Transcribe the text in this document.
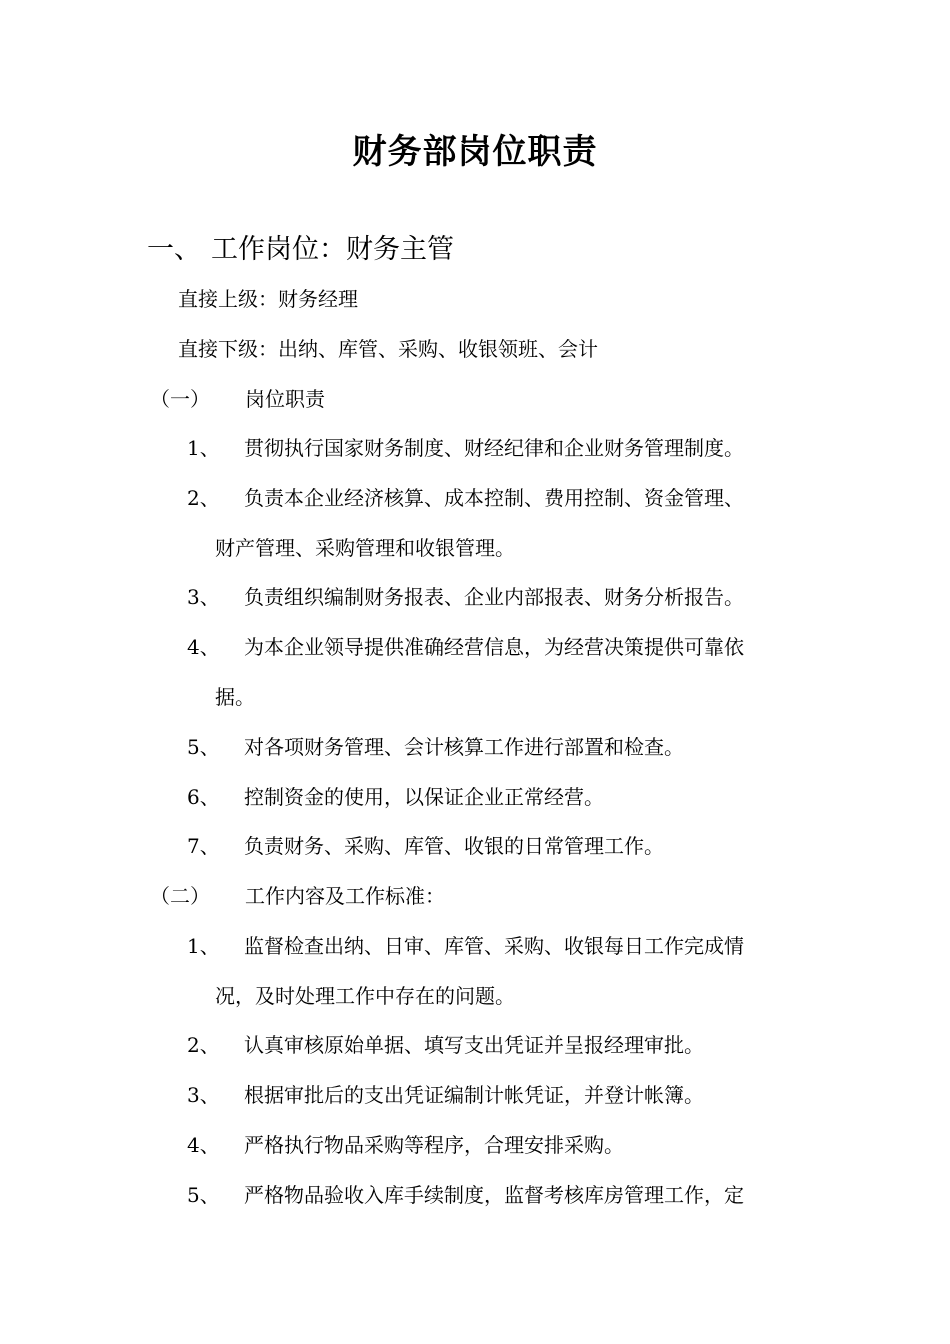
财务部岗位职责
一、 工作岗位：财务主管
直接上级：财务经理
直接下级：出纳、库管、采购、收银领班、会计
（一） 岗位职责
1、 贯彻执行国家财务制度、财经纪律和企业财务管理制度。
2、 负责本企业经济核算、成本控制、费用控制、资金管理、
财产管理、采购管理和收银管理。
3、 负责组织编制财务报表、企业内部报表、财务分析报告。
4、 为本企业领导提供准确经营信息，为经营决策提供可靠依
据。
5、 对各项财务管理、会计核算工作进行部置和检查。
6、 控制资金的使用，以保证企业正常经营。
7、 负责财务、采购、库管、收银的日常管理工作。
（二） 工作内容及工作标准：
1、 监督检查出纳、日审、库管、采购、收银每日工作完成情
况，及时处理工作中存在的问题。
2、 认真审核原始单据、填写支出凭证并呈报经理审批。
3、 根据审批后的支出凭证编制计帐凭证，并登计帐簿。
4、 严格执行物品采购等程序，合理安排采购。
5、 严格物品验收入库手续制度，监督考核库房管理工作，定
